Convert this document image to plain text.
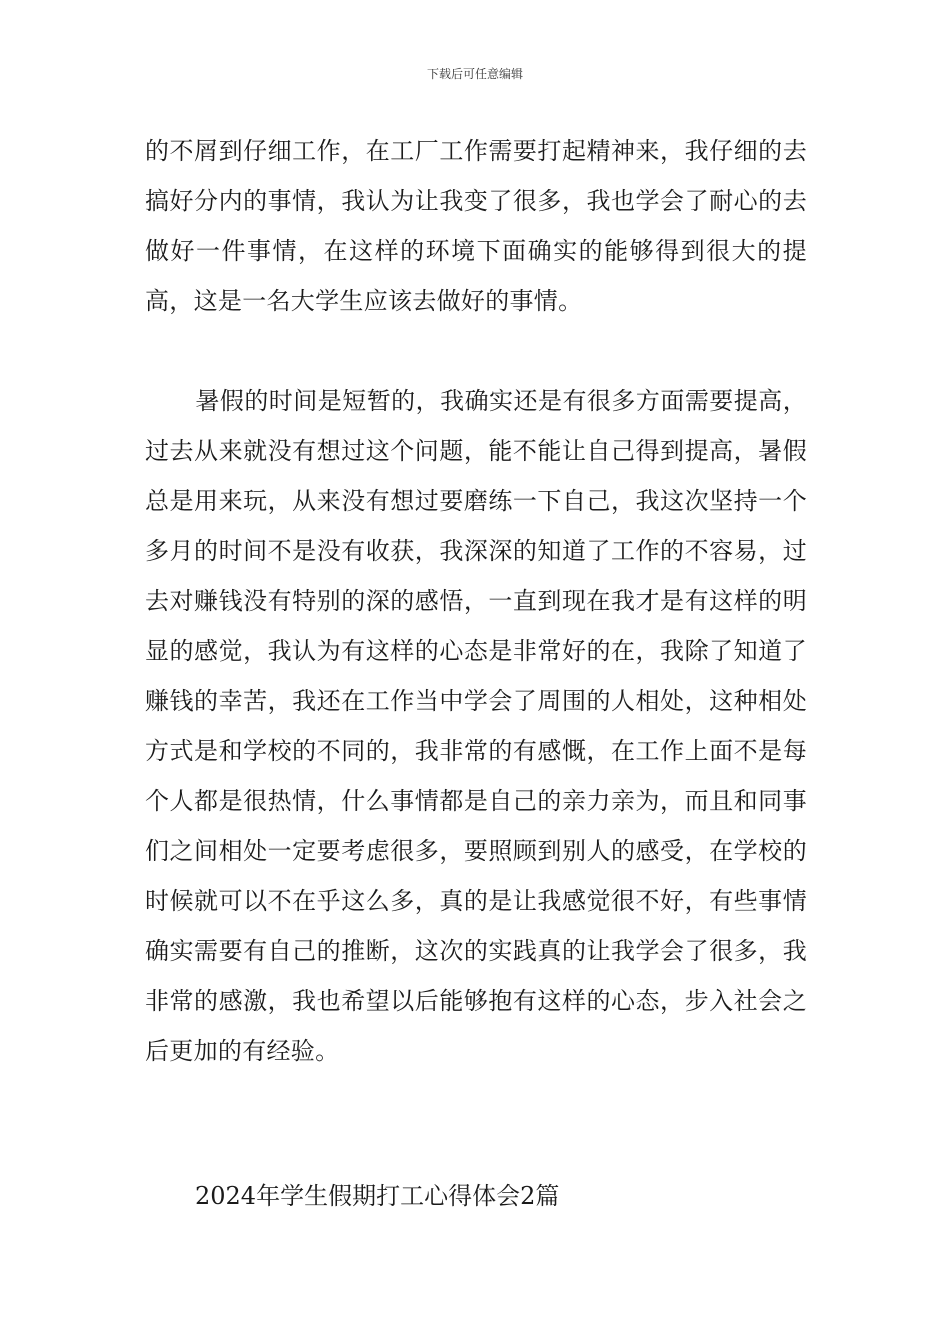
下载后可任意编辑

的不屑到仔细工作，在工厂工作需要打起精神来，我仔细的去搞好分内的事情，我认为让我变了很多，我也学会了耐心的去做好一件事情，在这样的环境下面确实的能够得到很大的提高，这是一名大学生应该去做好的事情。

暑假的时间是短暂的，我确实还是有很多方面需要提高，过去从来就没有想过这个问题，能不能让自己得到提高，暑假总是用来玩，从来没有想过要磨练一下自己，我这次坚持一个多月的时间不是没有收获，我深深的知道了工作的不容易，过去对赚钱没有特别的深的感悟，一直到现在我才是有这样的明显的感觉，我认为有这样的心态是非常好的在，我除了知道了赚钱的幸苦，我还在工作当中学会了周围的人相处，这种相处方式是和学校的不同的，我非常的有感慨，在工作上面不是每个人都是很热情，什么事情都是自己的亲力亲为，而且和同事们之间相处一定要考虑很多，要照顾到别人的感受，在学校的时候就可以不在乎这么多，真的是让我感觉很不好，有些事情确实需要有自己的推断，这次的实践真的让我学会了很多，我非常的感激，我也希望以后能够抱有这样的心态，步入社会之后更加的有经验。

2024年学生假期打工心得体会2篇
